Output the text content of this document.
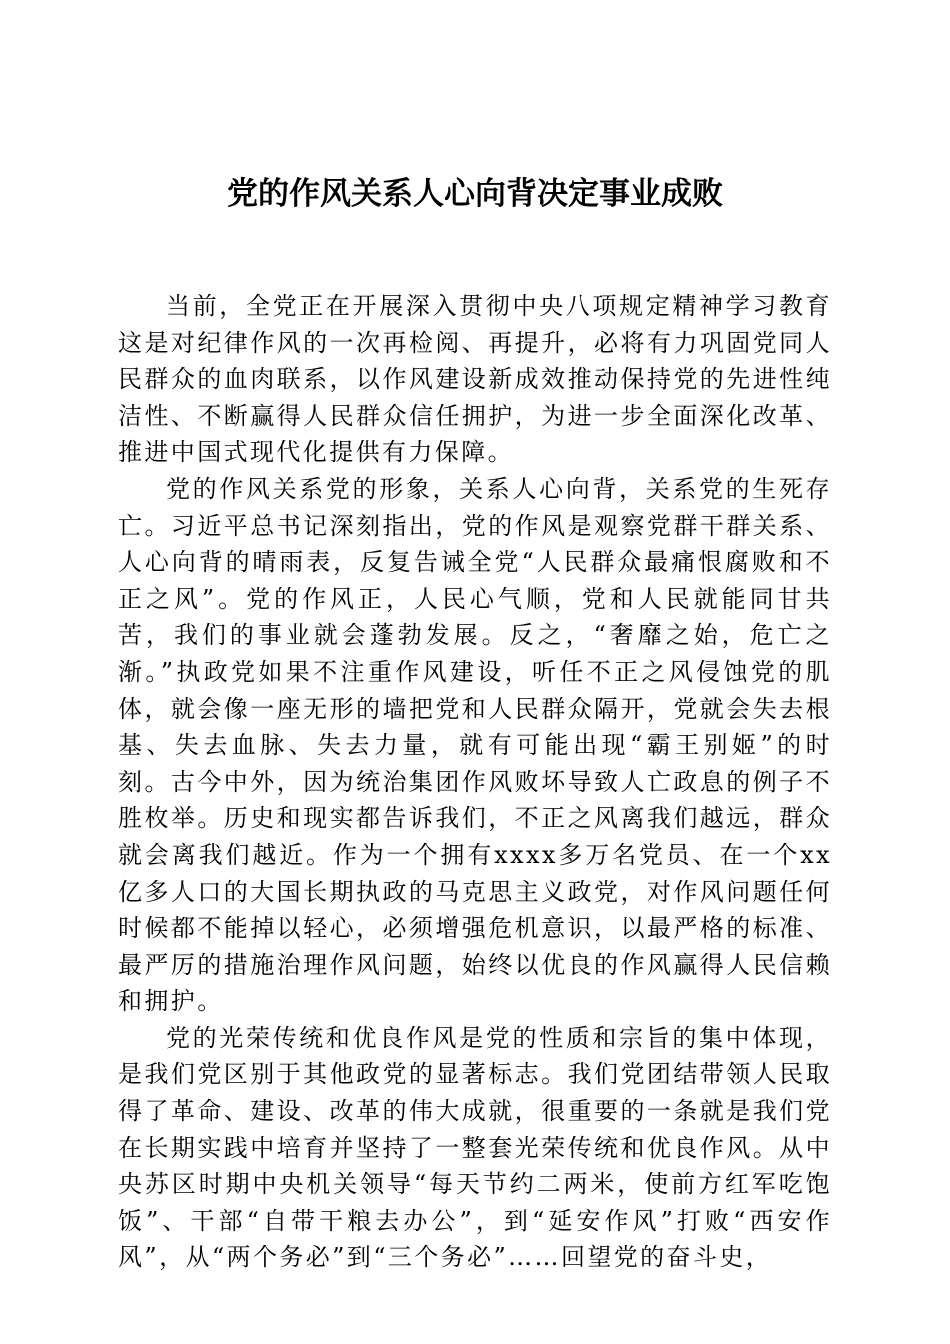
党的作风关系人心向背决定事业成败

当前，全党正在开展深入贯彻中央八项规定精神学习教育这是对纪律作风的一次再检阅、再提升，必将有力巩固党同人民群众的血肉联系，以作风建设新成效推动保持党的先进性纯洁性、不断赢得人民群众信任拥护，为进一步全面深化改革、推进中国式现代化提供有力保障。

党的作风关系党的形象，关系人心向背，关系党的生死存亡。习近平总书记深刻指出，党的作风是观察党群干群关系、人心向背的晴雨表，反复告诫全党“人民群众最痛恨腐败和不正之风”。党的作风正，人民心气顺，党和人民就能同甘共苦，我们的事业就会蓬勃发展。反之，“奢靡之始，危亡之渐。”执政党如果不注重作风建设，听任不正之风侵蚀党的肌体，就会像一座无形的墙把党和人民群众隔开，党就会失去根基、失去血脉、失去力量，就有可能出现“霸王别姬”的时刻。古今中外，因为统治集团作风败坏导致人亡政息的例子不胜枚举。历史和现实都告诉我们，不正之风离我们越远，群众就会离我们越近。作为一个拥有xxxx多万名党员、在一个xx亿多人口的大国长期执政的马克思主义政党，对作风问题任何时候都不能掉以轻心，必须增强危机意识，以最严格的标准、最严厉的措施治理作风问题，始终以优良的作风赢得人民信赖和拥护。

党的光荣传统和优良作风是党的性质和宗旨的集中体现，是我们党区别于其他政党的显著标志。我们党团结带领人民取得了革命、建设、改革的伟大成就，很重要的一条就是我们党在长期实践中培育并坚持了一整套光荣传统和优良作风。从中央苏区时期中央机关领导“每天节约二两米，使前方红军吃饱饭”、干部“自带干粮去办公”，到“延安作风”打败“西安作风”，从“两个务必”到“三个务必”……回望党的奋斗史，
